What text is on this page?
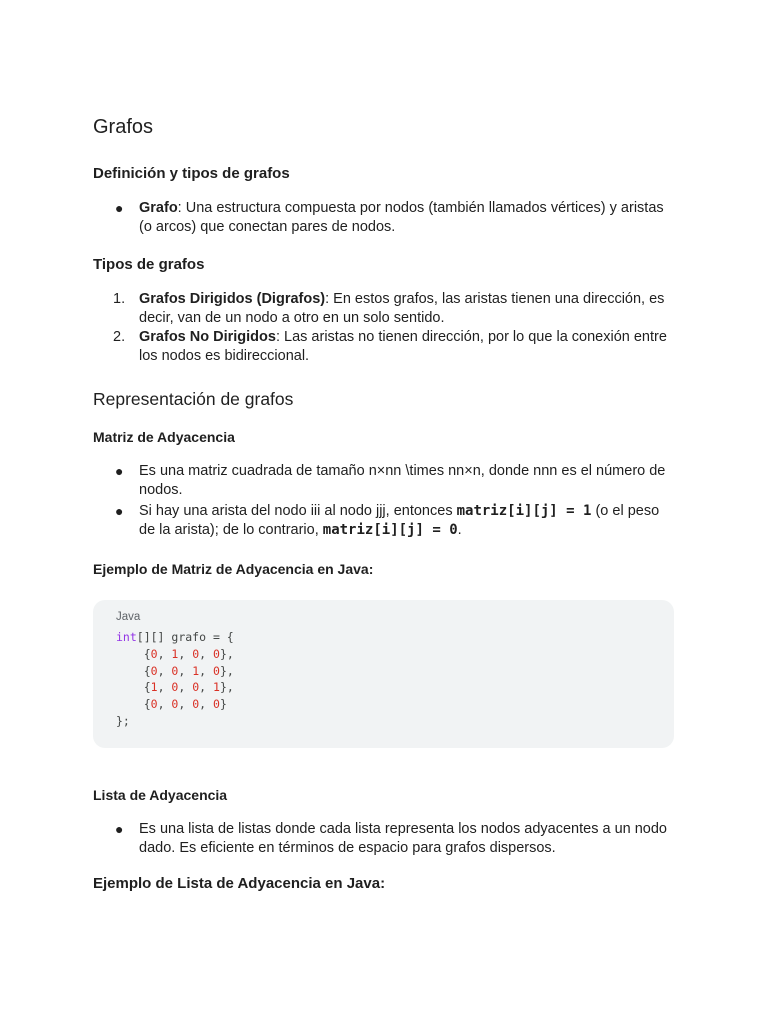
Grafos
Definición y tipos de grafos
● Grafo: Una estructura compuesta por nodos (también llamados vértices) y aristas (o arcos) que conectan pares de nodos.
Tipos de grafos
1. Grafos Dirigidos (Digrafos): En estos grafos, las aristas tienen una dirección, es decir, van de un nodo a otro en un solo sentido.
2. Grafos No Dirigidos: Las aristas no tienen dirección, por lo que la conexión entre los nodos es bidireccional.
Representación de grafos
Matriz de Adyacencia
● Es una matriz cuadrada de tamaño n×nn \times nn×n, donde nnn es el número de nodos.
● Si hay una arista del nodo iii al nodo jjj, entonces matriz[i][j] = 1 (o el peso de la arista); de lo contrario, matriz[i][j] = 0.
Ejemplo de Matriz de Adyacencia en Java:
Java
int[][] grafo = {
{0, 1, 0, 0},
{0, 0, 1, 0},
{1, 0, 0, 1},
{0, 0, 0, 0}
};
Lista de Adyacencia
● Es una lista de listas donde cada lista representa los nodos adyacentes a un nodo dado. Es eficiente en términos de espacio para grafos dispersos.
Ejemplo de Lista de Adyacencia en Java:
